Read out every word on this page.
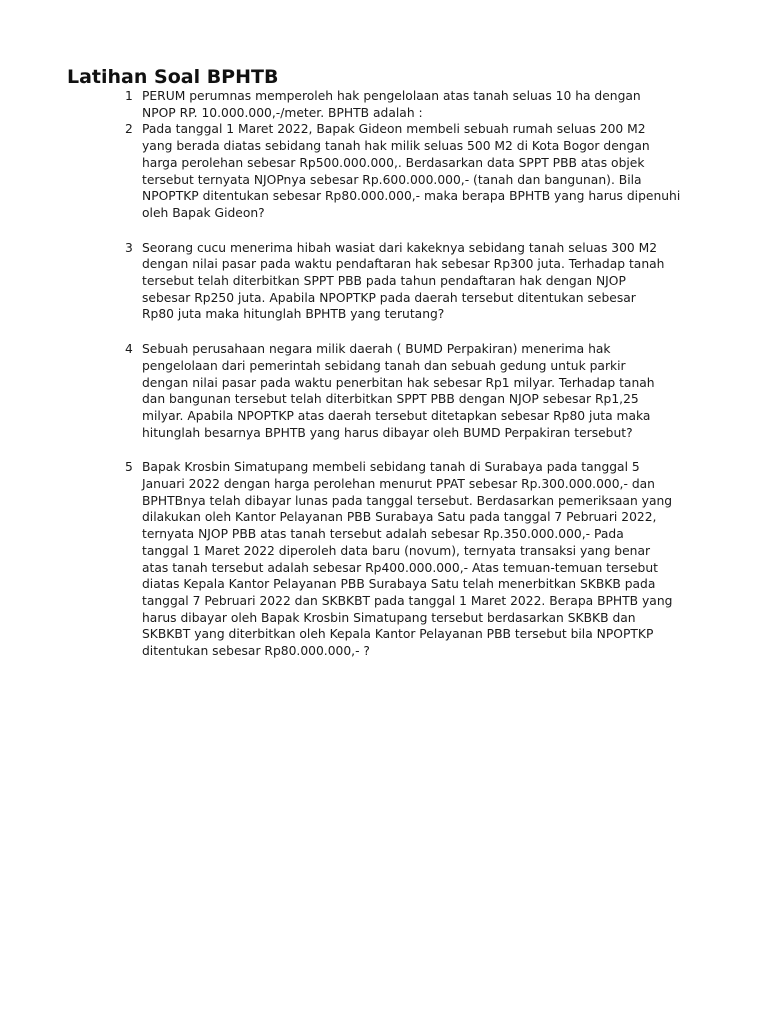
Latihan Soal BPHTB
1 PERUM perumnas memperoleh hak pengelolaan atas tanah seluas 10 ha dengan
NPOP RP. 10.000.000,-/meter. BPHTB adalah :
2 Pada tanggal 1 Maret 2022, Bapak Gideon membeli sebuah rumah seluas 200 M2
yang berada diatas sebidang tanah hak milik seluas 500 M2 di Kota Bogor dengan
harga perolehan sebesar Rp500.000.000,. Berdasarkan data SPPT PBB atas objek
tersebut ternyata NJOPnya sebesar Rp.600.000.000,- (tanah dan bangunan). Bila
NPOPTKP ditentukan sebesar Rp80.000.000,- maka berapa BPHTB yang harus dipenuhi
oleh Bapak Gideon?
3 Seorang cucu menerima hibah wasiat dari kakeknya sebidang tanah seluas 300 M2
dengan nilai pasar pada waktu pendaftaran hak sebesar Rp300 juta. Terhadap tanah
tersebut telah diterbitkan SPPT PBB pada tahun pendaftaran hak dengan NJOP
sebesar Rp250 juta. Apabila NPOPTKP pada daerah tersebut ditentukan sebesar
Rp80 juta maka hitunglah BPHTB yang terutang?
4 Sebuah perusahaan negara milik daerah ( BUMD Perpakiran) menerima hak
pengelolaan dari pemerintah sebidang tanah dan sebuah gedung untuk parkir
dengan nilai pasar pada waktu penerbitan hak sebesar Rp1 milyar. Terhadap tanah
dan bangunan tersebut telah diterbitkan SPPT PBB dengan NJOP sebesar Rp1,25
milyar. Apabila NPOPTKP atas daerah tersebut ditetapkan sebesar Rp80 juta maka
hitunglah besarnya BPHTB yang harus dibayar oleh BUMD Perpakiran tersebut?
5 Bapak Krosbin Simatupang membeli sebidang tanah di Surabaya pada tanggal 5
Januari 2022 dengan harga perolehan menurut PPAT sebesar Rp.300.000.000,- dan
BPHTBnya telah dibayar lunas pada tanggal tersebut. Berdasarkan pemeriksaan yang
dilakukan oleh Kantor Pelayanan PBB Surabaya Satu pada tanggal 7 Pebruari 2022,
ternyata NJOP PBB atas tanah tersebut adalah sebesar Rp.350.000.000,- Pada
tanggal 1 Maret 2022 diperoleh data baru (novum), ternyata transaksi yang benar
atas tanah tersebut adalah sebesar Rp400.000.000,- Atas temuan-temuan tersebut
diatas Kepala Kantor Pelayanan PBB Surabaya Satu telah menerbitkan SKBKB pada
tanggal 7 Pebruari 2022 dan SKBKBT pada tanggal 1 Maret 2022. Berapa BPHTB yang
harus dibayar oleh Bapak Krosbin Simatupang tersebut berdasarkan SKBKB dan
SKBKBT yang diterbitkan oleh Kepala Kantor Pelayanan PBB tersebut bila NPOPTKP
ditentukan sebesar Rp80.000.000,- ?
